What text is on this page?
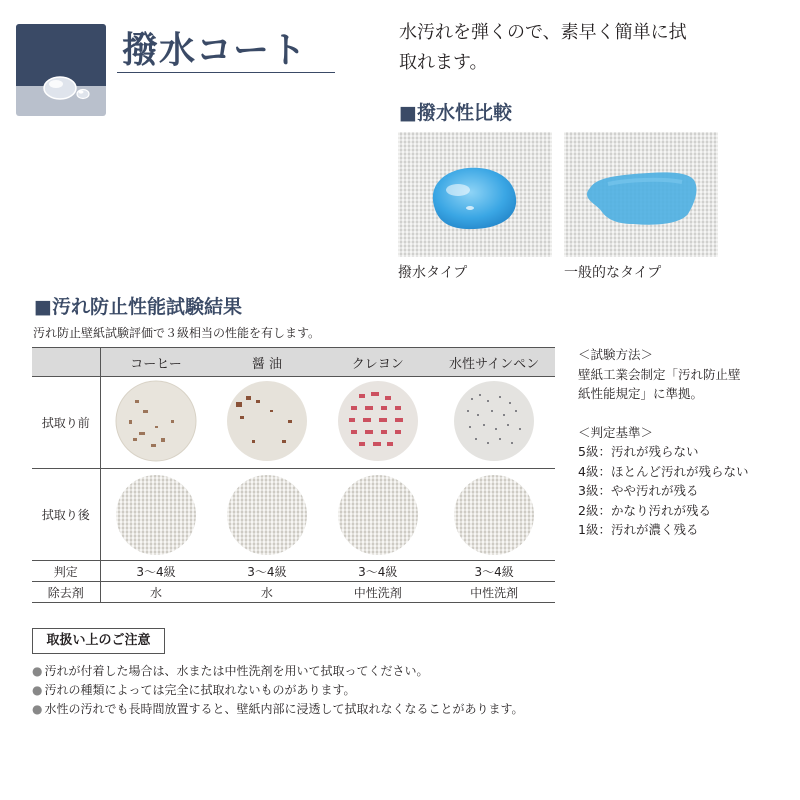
撥水コート	水汚れを弾くので、素早く簡単に拭
取れます。
■撥水性比較
撥水タイプ	一般的なタイプ
■汚れ防止性能試験結果
汚れ防止壁紙試験評価で３級相当の性能を有します。
	コーヒー	醤 油	クレヨン	水性サインペン
拭取り前				
拭取り後				
判定	3～4級	3～4級	3～4級	3～4級
除去剤	水	水	中性洗剤	中性洗剤
＜試験方法＞
壁紙工業会制定「汚れ防止壁
紙性能規定」に準拠。
＜判定基準＞
5級：汚れが残らない
4級：ほとんど汚れが残らない
3級：やや汚れが残る
2級：かなり汚れが残る
1級：汚れが濃く残る
取扱い上のご注意
● 汚れが付着した場合は、水または中性洗剤を用いて拭取ってください。
● 汚れの種類によっては完全に拭取れないものがあります。
● 水性の汚れでも長時間放置すると、壁紙内部に浸透して拭取れなくなることがあります。
